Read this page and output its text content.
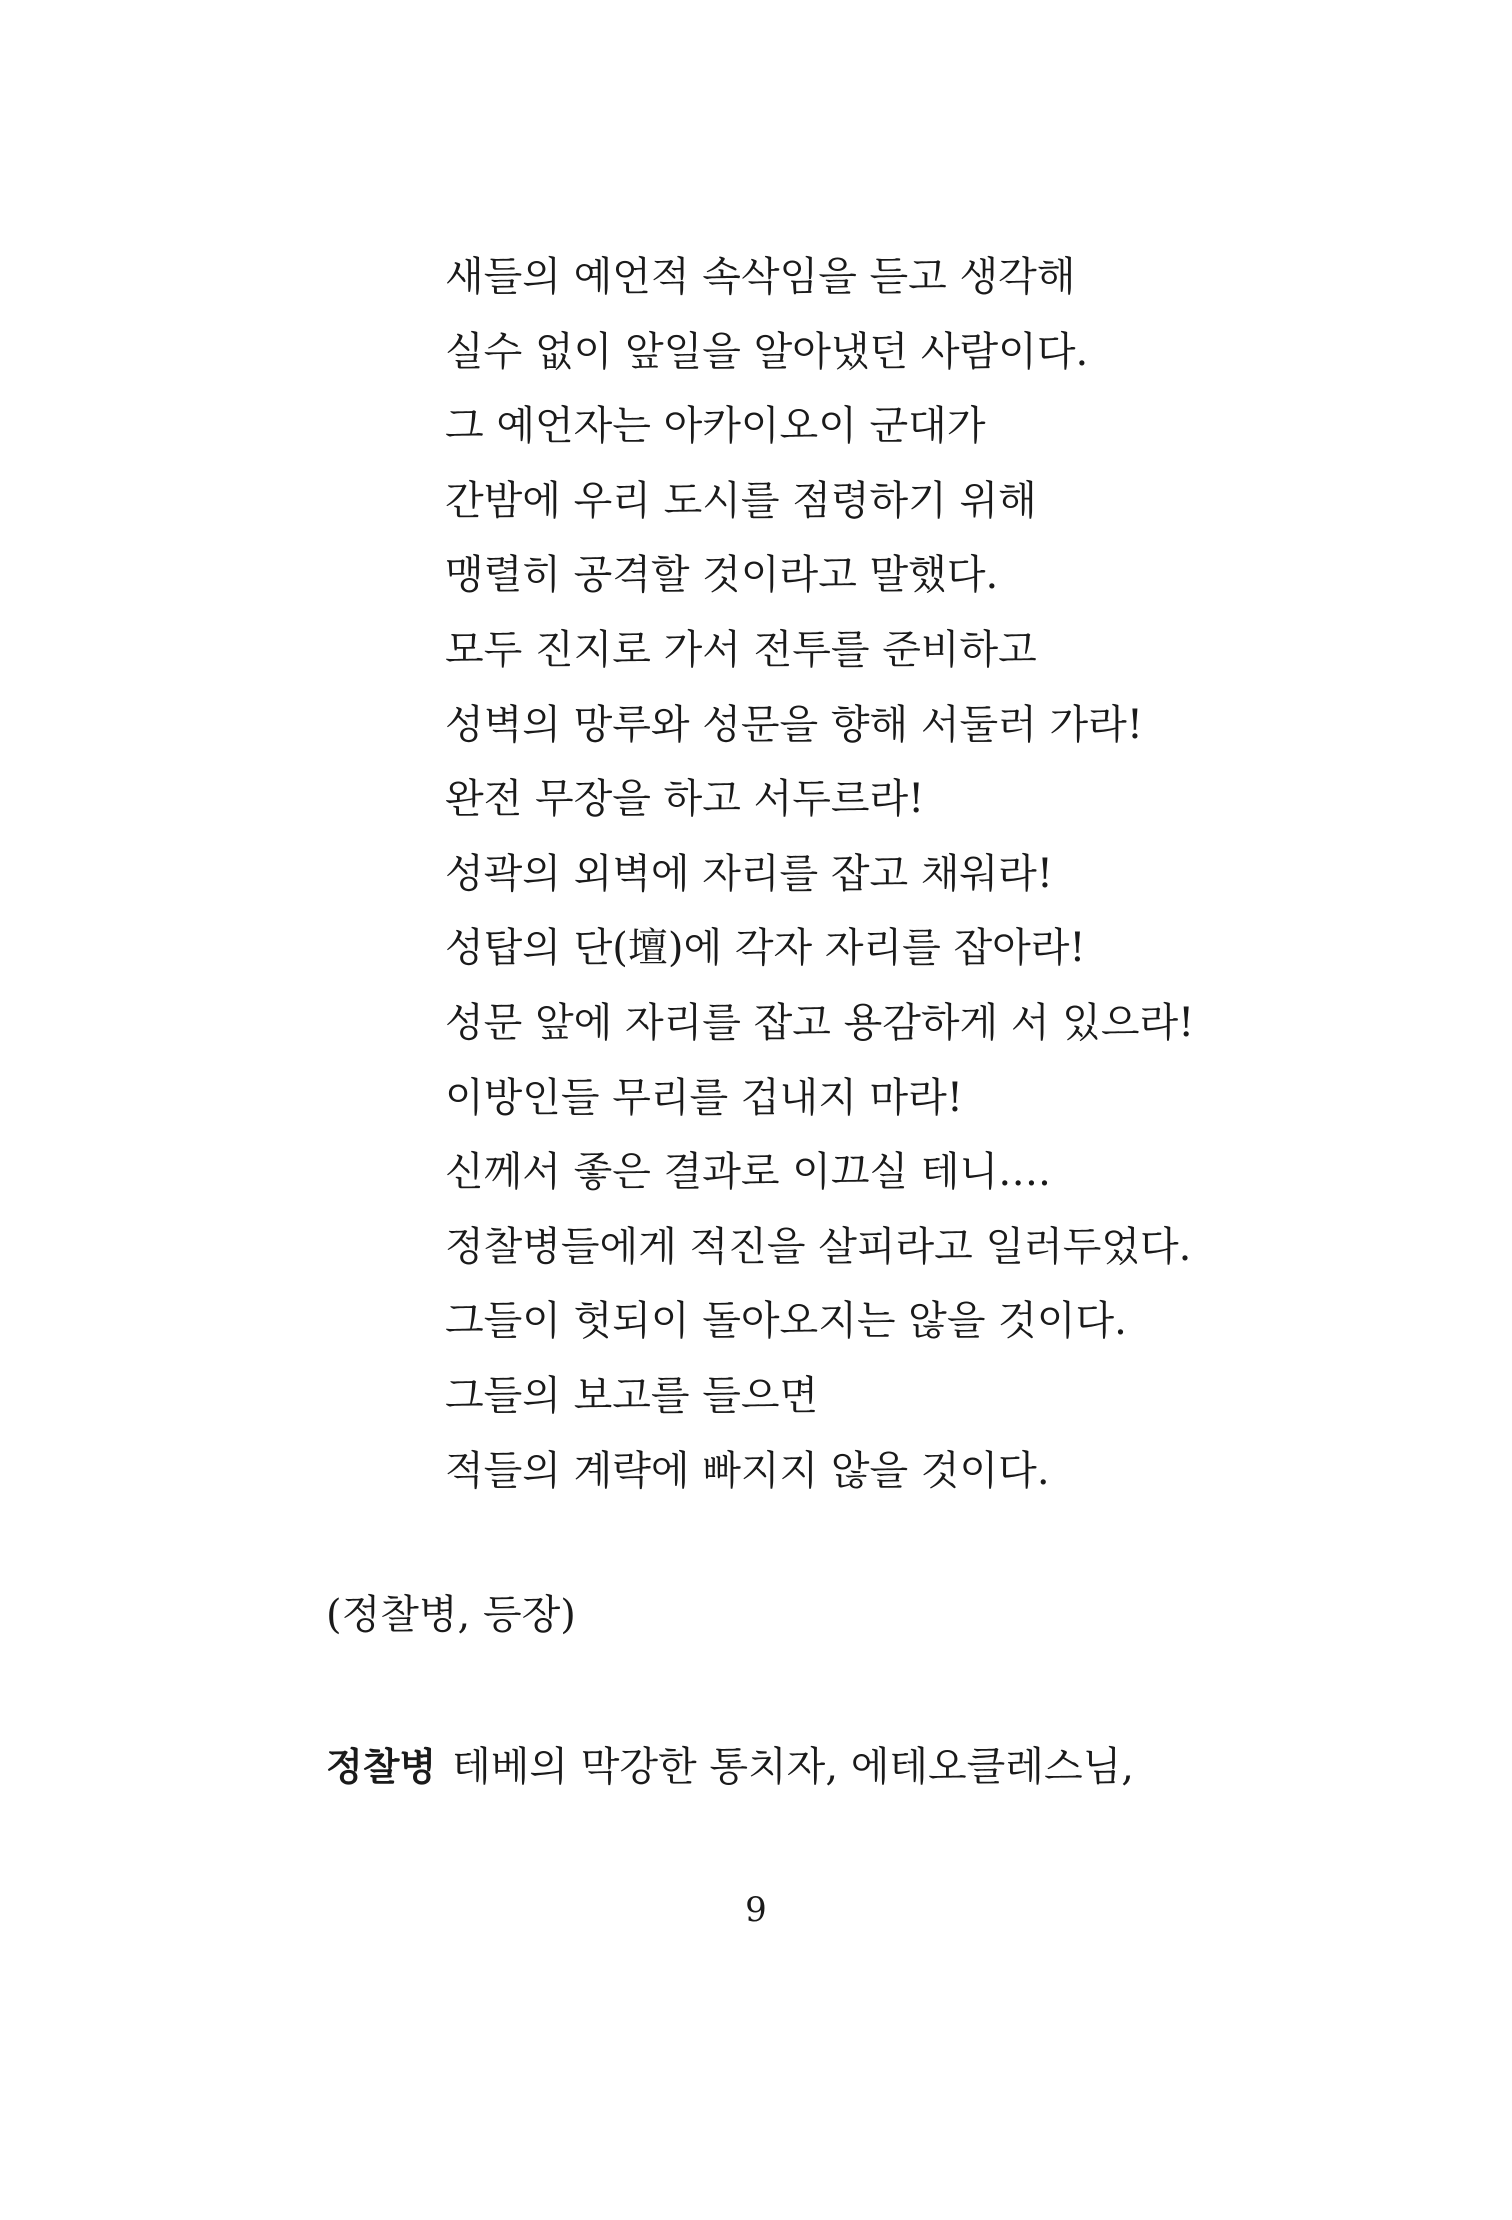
새들의 예언적 속삭임을 듣고 생각해
실수 없이 앞일을 알아냈던 사람이다.
그 예언자는 아카이오이 군대가
간밤에 우리 도시를 점령하기 위해
맹렬히 공격할 것이라고 말했다.
모두 진지로 가서 전투를 준비하고
성벽의 망루와 성문을 향해 서둘러 가라!
완전 무장을 하고 서두르라!
성곽의 외벽에 자리를 잡고 채워라!
성탑의 단(壇)에 각자 자리를 잡아라!
성문 앞에 자리를 잡고 용감하게 서 있으라!
이방인들 무리를 겁내지 마라!
신께서 좋은 결과로 이끄실 테니….
정찰병들에게 적진을 살피라고 일러두었다.
그들이 헛되이 돌아오지는 않을 것이다.
그들의 보고를 들으면
적들의 계략에 빠지지 않을 것이다.
(정찰병, 등장)
정찰병 테베의 막강한 통치자, 에테오클레스님,
9
